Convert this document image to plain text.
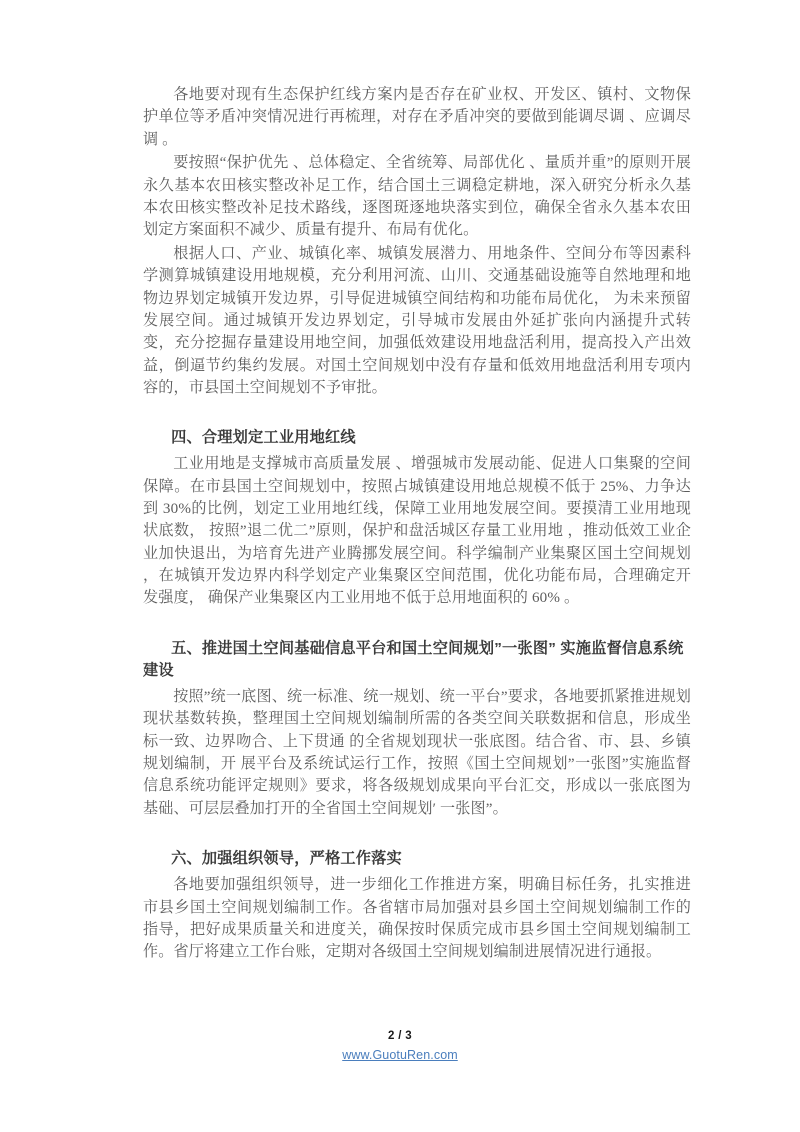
各地要对现有生态保护红线方案内是否存在矿业权、开发区、镇村、文物保护单位等矛盾冲突情况进行再梳理，对存在矛盾冲突的要做到能调尽调 、应调尽调 。

要按照“保护优先 、总体稳定、全省统筹、局部优化 、量质并重”的原则开展永久基本农田核实整改补足工作，结合国土三调稳定耕地，深入研究分析永久基本农田核实整改补足技术路线，逐图斑逐地块落实到位，确保全省永久基本农田划定方案面积不减少、质量有提升、布局有优化。

根据人口、产业、城镇化率、城镇发展潜力、用地条件、空间分布等因素科学测算城镇建设用地规模，充分利用河流、山川、交通基础设施等自然地理和地物边界划定城镇开发边界，引导促进城镇空间结构和功能布局优化， 为未来预留发展空间。通过城镇开发边界划定，引导城市发展由外延扩张向内涵提升式转变，充分挖掘存量建设用地空间，加强低效建设用地盘活利用，提高投入产出效益，倒逼节约集约发展。对国土空间规划中没有存量和低效用地盘活利用专项内容的，市县国土空间规划不予审批。

四、合理划定工业用地红线

工业用地是支撑城市高质量发展 、增强城市发展动能、促进人口集聚的空间保障。在市县国土空间规划中，按照占城镇建设用地总规模不低于 25%、力争达到 30%的比例，划定工业用地红线，保障工业用地发展空间。要摸清工业用地现状底数， 按照”退二优二”原则，保护和盘活城区存量工业用地 ，推动低效工业企业加快退出，为培育先进产业腾挪发展空间。科学编制产业集聚区国土空间规划 ，在城镇开发边界内科学划定产业集聚区空间范围，优化功能布局，合理确定开发强度， 确保产业集聚区内工业用地不低于总用地面积的 60% 。

五、推进国土空间基础信息平台和国土空间规划”一张图” 实施监督信息系统建设

按照”统一底图、统一标准、统一规划、统一平台”要求，各地要抓紧推进规划现状基数转换，整理国土空间规划编制所需的各类空间关联数据和信息，形成坐标一致、边界吻合、上下贯通 的全省规划现状一张底图。结合省、市、县、乡镇规划编制，开 展平台及系统试运行工作，按照《国土空间规划”一张图”实施监督信息系统功能评定规则》要求，将各级规划成果向平台汇交，形成以一张底图为基础、可层层叠加打开的全省国土空间规划′ 一张图”。

六、加强组织领导，严格工作落实

各地要加强组织领导，进一步细化工作推进方案，明确目标任务，扎实推进市县乡国土空间规划编制工作。各省辖市局加强对县乡国土空间规划编制工作的指导，把好成果质量关和进度关，确保按时保质完成市县乡国土空间规划编制工作。省厅将建立工作台账，定期对各级国土空间规划编制进展情况进行通报。

2 / 3
www.GuotuRen.com
